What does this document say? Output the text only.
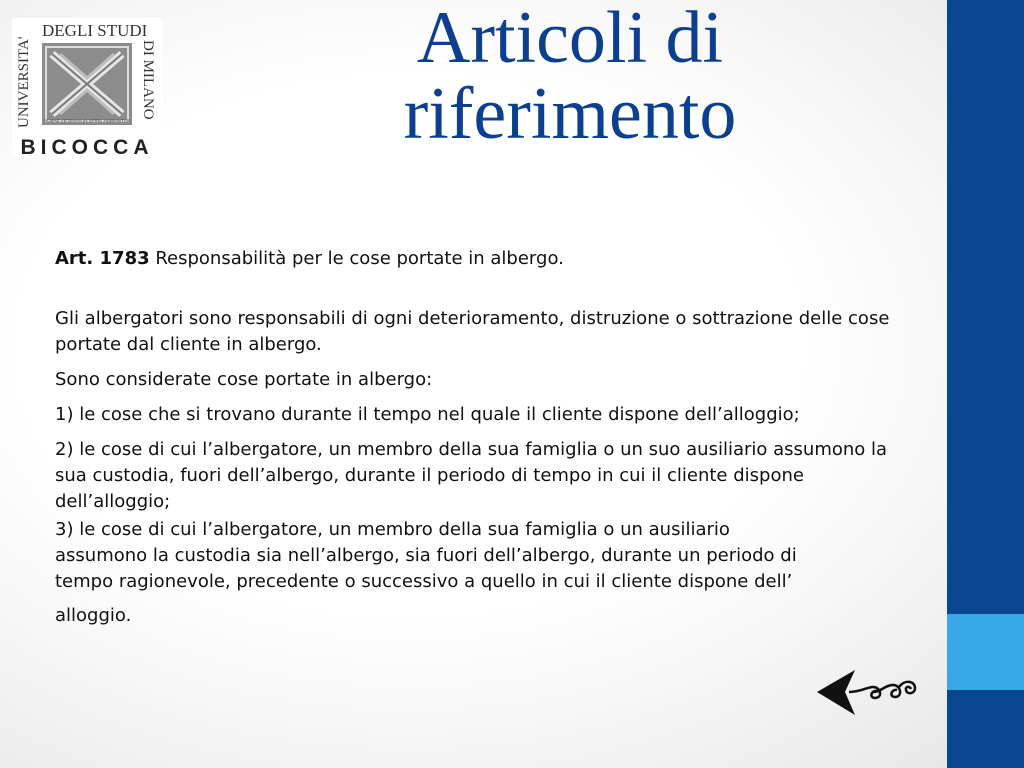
UNIVERSITA'
DEGLI STUDI
DI MILANO
ALMAE VETERAS IN SPIRE HUMANITAS
BICOCCA
Articoli di
riferimento

Art. 1783 Responsabilità per le cose portate in albergo.

Gli albergatori sono responsabili di ogni deterioramento, distruzione o sottrazione delle cose portate dal cliente in albergo.

Sono considerate cose portate in albergo:

1) le cose che si trovano durante il tempo nel quale il cliente dispone dell’alloggio;

2) le cose di cui l’albergatore, un membro della sua famiglia o un suo ausiliario assumono la sua custodia, fuori dell’albergo, durante il periodo di tempo in cui il cliente dispone dell’alloggio;

3) le cose di cui l’albergatore, un membro della sua famiglia o un ausiliario
assumono la custodia sia nell’albergo, sia fuori dell’albergo, durante un periodo di
tempo ragionevole, precedente o successivo a quello in cui il cliente dispone dell’
alloggio.
